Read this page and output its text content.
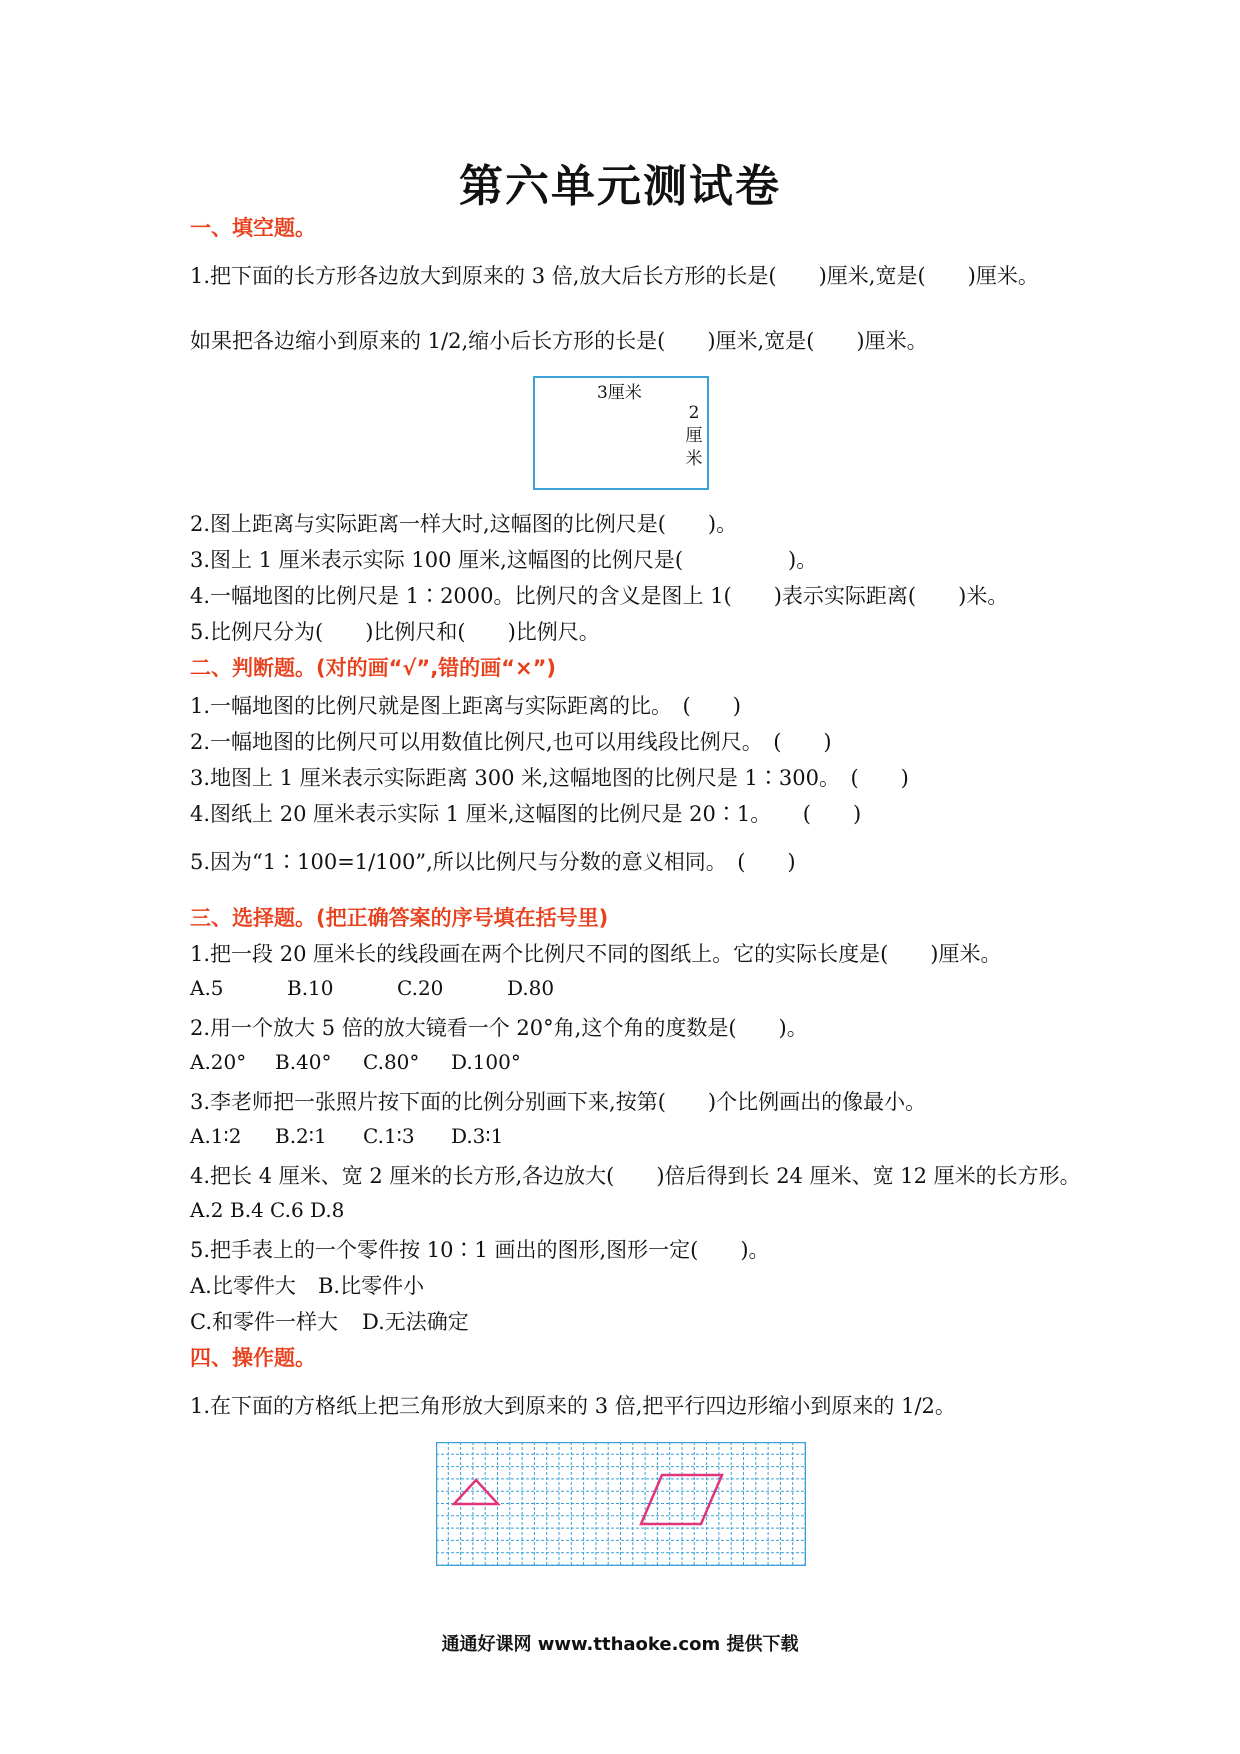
第六单元测试卷
一、填空题。
1.把下面的长方形各边放大到原来的 3 倍,放大后长方形的长是(　　)厘米,宽是(　　)厘米。
如果把各边缩小到原来的 1/2,缩小后长方形的长是(　　)厘米,宽是(　　)厘米。
3厘米
2厘米
2.图上距离与实际距离一样大时,这幅图的比例尺是(　　)。
3.图上 1 厘米表示实际 100 厘米,这幅图的比例尺是(　　　　　)。
4.一幅地图的比例尺是 1∶2000。比例尺的含义是图上 1(　　)表示实际距离(　　)米。
5.比例尺分为(　　)比例尺和(　　)比例尺。
二、判断题。(对的画“√”,错的画“×”)
1.一幅地图的比例尺就是图上距离与实际距离的比。　(　　)
2.一幅地图的比例尺可以用数值比例尺,也可以用线段比例尺。　(　　)
3.地图上 1 厘米表示实际距离 300 米,这幅地图的比例尺是 1∶300。　(　　)
4.图纸上 20 厘米表示实际 1 厘米,这幅图的比例尺是 20∶1。　　(　　)
5.因为“1∶100=1/100”,所以比例尺与分数的意义相同。　(　　)
三、选择题。(把正确答案的序号填在括号里)
1.把一段 20 厘米长的线段画在两个比例尺不同的图纸上。它的实际长度是(　　)厘米。
A.5	B.10	C.20	D.80
2.用一个放大 5 倍的放大镜看一个 20°角,这个角的度数是(　　)。
A.20° B.40° C.80° D.100°
3.李老师把一张照片按下面的比例分别画下来,按第(　　)个比例画出的像最小。
A.1∶2 B.2∶1 C.1∶3 D.3∶1
4.把长 4 厘米、宽 2 厘米的长方形,各边放大(　　)倍后得到长 24 厘米、宽 12 厘米的长方形。
A.2 B.4 C.6 D.8
5.把手表上的一个零件按 10∶1 画出的图形,图形一定(　　)。
A.比零件大 B.比零件小
C.和零件一样大 D.无法确定
四、操作题。
1.在下面的方格纸上把三角形放大到原来的 3 倍,把平行四边形缩小到原来的 1/2。
通通好课网 www.tthaoke.com 提供下载
